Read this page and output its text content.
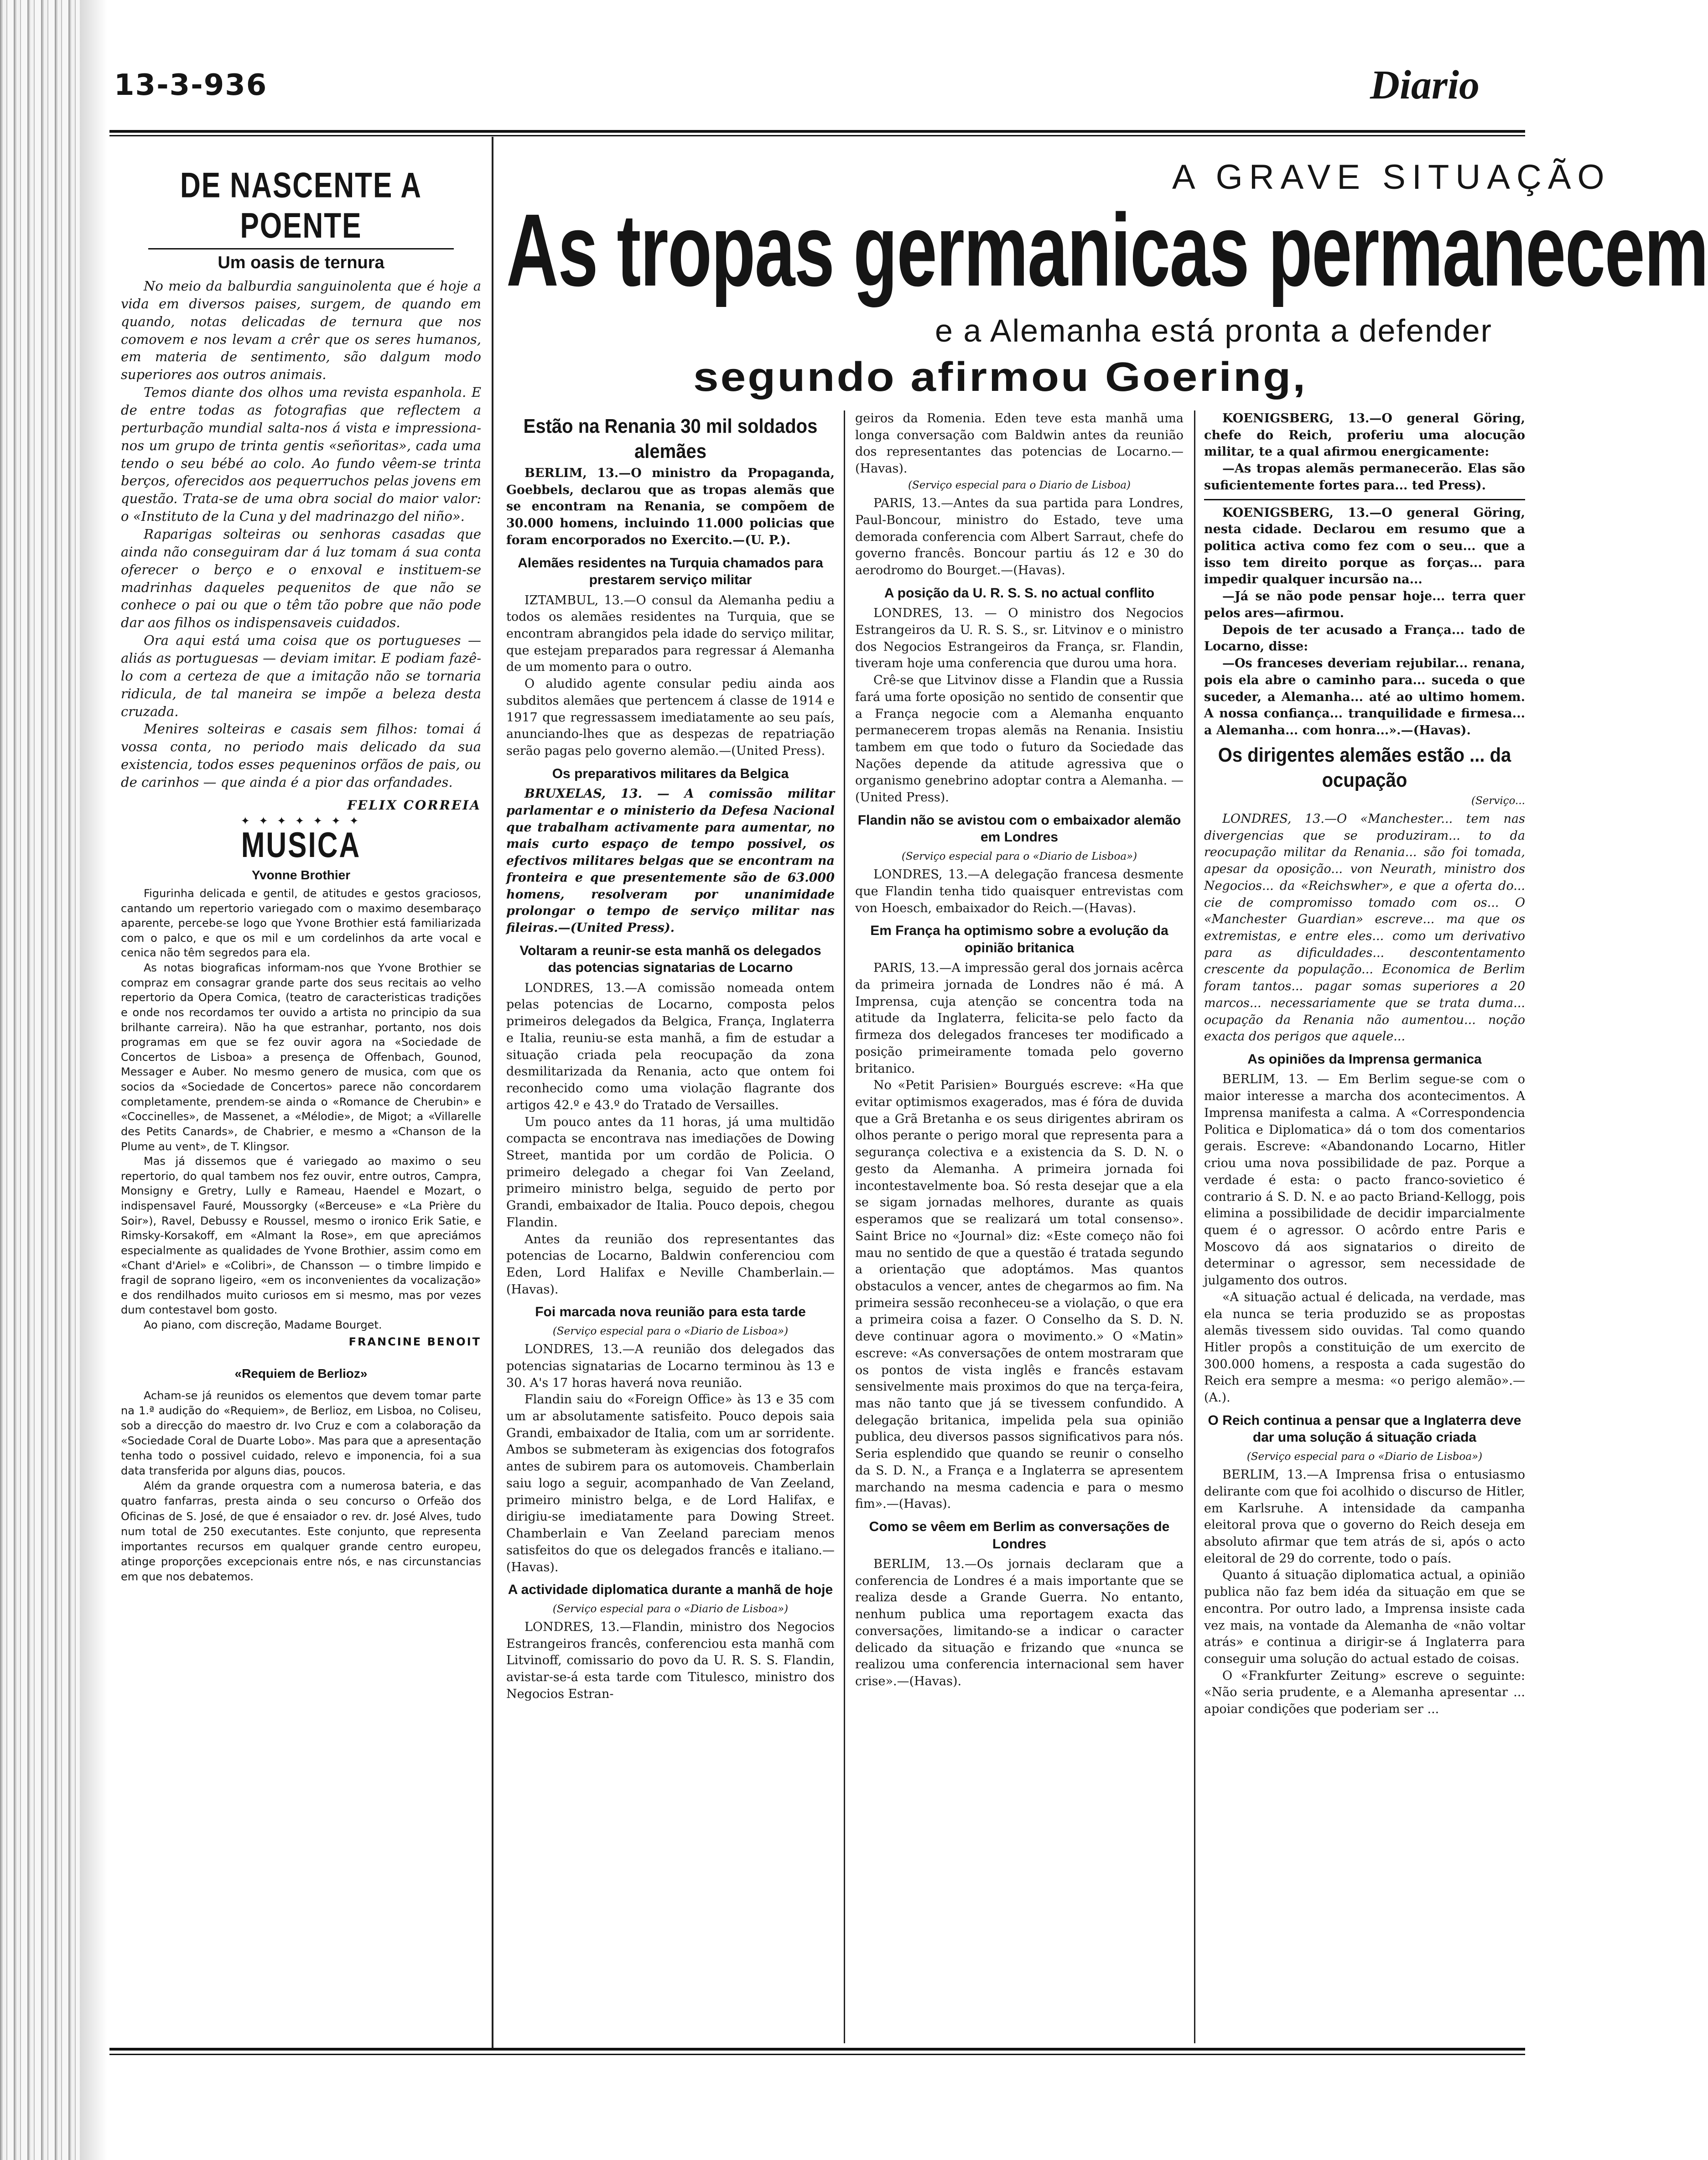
13-3-936	Diario
DE NASCENTE A POENTE
Um oasis de ternura

No meio da balburdia sanguinolenta que é hoje a vida em diversos paises, surgem, de quando em quando, notas delicadas de ternura que nos comovem e nos levam a crêr que os seres humanos, em materia de sentimento, são dalgum modo superiores aos outros animais.

Temos diante dos olhos uma revista espanhola. E de entre todas as fotografias que reflectem a perturbação mundial salta-nos á vista e impressiona-nos um grupo de trinta gentis «señoritas», cada uma tendo o seu bébé ao colo. Ao fundo vêem-se trinta berços, oferecidos aos pequerruchos pelas jovens em questão. Trata-se de uma obra social do maior valor: o «Instituto de la Cuna y del madrinazgo del niño».

Raparigas solteiras ou senhoras casadas que ainda não conseguiram dar á luz tomam á sua conta oferecer o berço e o enxoval e instituem-se madrinhas daqueles pequenitos de que não se conhece o pai ou que o têm tão pobre que não pode dar aos filhos os indispensaveis cuidados.

Ora aqui está uma coisa que os portugueses — aliás as portuguesas — deviam imitar. E podiam fazê-lo com a certeza de que a imitação não se tornaria ridicula, de tal maneira se impõe a beleza desta cruzada.

Menires solteiras e casais sem filhos: tomai á vossa conta, no periodo mais delicado da sua existencia, todos esses pequeninos orfãos de pais, ou de carinhos — que ainda é a pior das orfandades.

FELIX CORREIA
✦ ✦ ✦ ✦ ✦ ✦ ✦
MUSICA
Yvonne Brothier

Figurinha delicada e gentil, de atitudes e gestos graciosos, cantando um repertorio variegado com o maximo desembaraço aparente, percebe-se logo que Yvone Brothier está familiarizada com o palco, e que os mil e um cordelinhos da arte vocal e cenica não têm segredos para ela.

As notas biograficas informam-nos que Yvone Brothier se compraz em consagrar grande parte dos seus recitais ao velho repertorio da Opera Comica, (teatro de caracteristicas tradições e onde nos recordamos ter ouvido a artista no principio da sua brilhante carreira). Não ha que estranhar, portanto, nos dois programas em que se fez ouvir agora na «Sociedade de Concertos de Lisboa» a presença de Offenbach, Gounod, Messager e Auber. No mesmo genero de musica, com que os socios da «Sociedade de Concertos» parece não concordarem completamente, prendem-se ainda o «Romance de Cherubin» e «Coccinelles», de Massenet, a «Mélodie», de Migot; a «Villarelle des Petits Canards», de Chabrier, e mesmo a «Chanson de la Plume au vent», de T. Klingsor.

Mas já dissemos que é variegado ao maximo o seu repertorio, do qual tambem nos fez ouvir, entre outros, Campra, Monsigny e Gretry, Lully e Rameau, Haendel e Mozart, o indispensavel Fauré, Moussorgky («Berceuse» e «La Prière du Soir»), Ravel, Debussy e Roussel, mesmo o ironico Erik Satie, e Rimsky-Korsakoff, em «Almant la Rose», em que apreciámos especialmente as qualidades de Yvone Brothier, assim como em «Chant d'Ariel» e «Colibri», de Chansson — o timbre limpido e fragil de soprano ligeiro, «em os inconvenientes da vocalização» e dos rendilhados muito curiosos em si mesmo, mas por vezes dum contestavel bom gosto.

Ao piano, com discreção, Madame Bourget.

FRANCINE BENOIT
«Requiem de Berlioz»

Acham-se já reunidos os elementos que devem tomar parte na 1.ª audição do «Requiem», de Berlioz, em Lisboa, no Coliseu, sob a direcção do maestro dr. Ivo Cruz e com a colaboração da «Sociedade Coral de Duarte Lobo». Mas para que a apresentação tenha todo o possivel cuidado, relevo e imponencia, foi a sua data transferida por alguns dias, poucos.

Além da grande orquestra com a numerosa bateria, e das quatro fanfarras, presta ainda o seu concurso o Orfeão dos Oficinas de S. José, de que é ensaiador o rev. dr. José Alves, tudo num total de 250 executantes. Este conjunto, que representa importantes recursos em qualquer grande centro europeu, atinge proporções excepcionais entre nós, e nas circunstancias em que nos debatemos.

A GRAVE SITUAÇÃO
As tropas germanicas permanecem
e a Alemanha está pronta a defender
segundo afirmou Goering,
Estão na Renania 30 mil soldados alemães

BERLIM, 13.—O ministro da Propaganda, Goebbels, declarou que as tropas alemãs que se encontram na Renania, se compõem de 30.000 homens, incluindo 11.000 policias que foram encorporados no Exercito.—(U. P.).

Alemães residentes na Turquia chamados para prestarem serviço militar

IZTAMBUL, 13.—O consul da Alemanha pediu a todos os alemães residentes na Turquia, que se encontram abrangidos pela idade do serviço militar, que estejam preparados para regressar á Alemanha de um momento para o outro.

O aludido agente consular pediu ainda aos subditos alemães que pertencem á classe de 1914 e 1917 que regressassem imediatamente ao seu país, anunciando-lhes que as despezas de repatriação serão pagas pelo governo alemão.—(United Press).

Os preparativos militares da Belgica

BRUXELAS, 13. — A comissão militar parlamentar e o ministerio da Defesa Nacional que trabalham activamente para aumentar, no mais curto espaço de tempo possivel, os efectivos militares belgas que se encontram na fronteira e que presentemente são de 63.000 homens, resolveram por unanimidade prolongar o tempo de serviço militar nas fileiras.—(United Press).

Voltaram a reunir-se esta manhã os delegados das potencias signatarias de Locarno

LONDRES, 13.—A comissão nomeada ontem pelas potencias de Locarno, composta pelos primeiros delegados da Belgica, França, Inglaterra e Italia, reuniu-se esta manhã, a fim de estudar a situação criada pela reocupação da zona desmilitarizada da Renania, acto que ontem foi reconhecido como uma violação flagrante dos artigos 42.º e 43.º do Tratado de Versailles.

Um pouco antes da 11 horas, já uma multidão compacta se encontrava nas imediações de Dowing Street, mantida por um cordão de Policia. O primeiro delegado a chegar foi Van Zeeland, primeiro ministro belga, seguido de perto por Grandi, embaixador de Italia. Pouco depois, chegou Flandin.

Antes da reunião dos representantes das potencias de Locarno, Baldwin conferenciou com Eden, Lord Halifax e Neville Chamberlain.—(Havas).

Foi marcada nova reunião para esta tarde
(Serviço especial para o «Diario de Lisboa»)

LONDRES, 13.—A reunião dos delegados das potencias signatarias de Locarno terminou às 13 e 30. A's 17 horas haverá nova reunião.

Flandin saiu do «Foreign Office» às 13 e 35 com um ar absolutamente satisfeito. Pouco depois saia Grandi, embaixador de Italia, com um ar sorridente. Ambos se submeteram às exigencias dos fotografos antes de subirem para os automoveis. Chamberlain saiu logo a seguir, acompanhado de Van Zeeland, primeiro ministro belga, e de Lord Halifax, e dirigiu-se imediatamente para Dowing Street. Chamberlain e Van Zeeland pareciam menos satisfeitos do que os delegados francês e italiano.—(Havas).

A actividade diplomatica durante a manhã de hoje
(Serviço especial para o «Diario de Lisboa»)

LONDRES, 13.—Flandin, ministro dos Negocios Estrangeiros francês, conferenciou esta manhã com Litvinoff, comissario do povo da U. R. S. S. Flandin, avistar-se-á esta tarde com Titulesco, ministro dos Negocios Estran-

geiros da Romenia. Eden teve esta manhã uma longa conversação com Baldwin antes da reunião dos representantes das potencias de Locarno.—(Havas).

(Serviço especial para o Diario de Lisboa)

PARIS, 13.—Antes da sua partida para Londres, Paul-Boncour, ministro do Estado, teve uma demorada conferencia com Albert Sarraut, chefe do governo francês. Boncour partiu ás 12 e 30 do aerodromo do Bourget.—(Havas).

A posição da U. R. S. S. no actual conflito

LONDRES, 13. — O ministro dos Negocios Estrangeiros da U. R. S. S., sr. Litvinov e o ministro dos Negocios Estrangeiros da França, sr. Flandin, tiveram hoje uma conferencia que durou uma hora.

Crê-se que Litvinov disse a Flandin que a Russia fará uma forte oposição no sentido de consentir que a França negocie com a Alemanha enquanto permanecerem tropas alemãs na Renania. Insistiu tambem em que todo o futuro da Sociedade das Nações depende da atitude agressiva que o organismo genebrino adoptar contra a Alemanha. — (United Press).

Flandin não se avistou com o embaixador alemão em Londres
(Serviço especial para o «Diario de Lisboa»)

LONDRES, 13.—A delegação francesa desmente que Flandin tenha tido quaisquer entrevistas com von Hoesch, embaixador do Reich.—(Havas).

Em França ha optimismo sobre a evolução da opinião britanica

PARIS, 13.—A impressão geral dos jornais acêrca da primeira jornada de Londres não é má. A Imprensa, cuja atenção se concentra toda na atitude da Inglaterra, felicita-se pelo facto da firmeza dos delegados franceses ter modificado a posição primeiramente tomada pelo governo britanico.

No «Petit Parisien» Bourgués escreve: «Ha que evitar optimismos exagerados, mas é fóra de duvida que a Grã Bretanha e os seus dirigentes abriram os olhos perante o perigo moral que representa para a segurança colectiva e a existencia da S. D. N. o gesto da Alemanha. A primeira jornada foi incontestavelmente boa. Só resta desejar que a ela se sigam jornadas melhores, durante as quais esperamos que se realizará um total consenso». Saint Brice no «Journal» diz: «Este começo não foi mau no sentido de que a questão é tratada segundo a orientação que adoptámos. Mas quantos obstaculos a vencer, antes de chegarmos ao fim. Na primeira sessão reconheceu-se a violação, o que era a primeira coisa a fazer. O Conselho da S. D. N. deve continuar agora o movimento.» O «Matin» escreve: «As conversações de ontem mostraram que os pontos de vista inglês e francês estavam sensivelmente mais proximos do que na terça-feira, mas não tanto que já se tivessem confundido. A delegação britanica, impelida pela sua opinião publica, deu diversos passos significativos para nós. Seria esplendido que quando se reunir o conselho da S. D. N., a França e a Inglaterra se apresentem marchando na mesma cadencia e para o mesmo fim».—(Havas).

Como se vêem em Berlim as conversações de Londres

BERLIM, 13.—Os jornais declaram que a conferencia de Londres é a mais importante que se realiza desde a Grande Guerra. No entanto, nenhum publica uma reportagem exacta das conversações, limitando-se a indicar o caracter delicado da situação e frizando que «nunca se realizou uma conferencia internacional sem haver crise».—(Havas).

KOENIGSBERG, 13.—O general Göring, chefe do Reich, proferiu uma alocução militar, te a qual afirmou energicamente:

—As tropas alemãs permanecerão. Elas são suficientemente fortes para... ted Press).

KOENIGSBERG, 13.—O general Göring, nesta cidade. Declarou em resumo que a politica activa como fez com o seu... que a isso tem direito porque as forças... para impedir qualquer incursão na...

—Já se não pode pensar hoje... terra quer pelos ares—afirmou.

Depois de ter acusado a França... tado de Locarno, disse:

—Os franceses deveriam rejubilar... renana, pois ela abre o caminho para... suceda o que suceder, a Alemanha... até ao ultimo homem. A nossa confiança... tranquilidade e firmesa... a Alemanha... com honra...».—(Havas).

Os dirigentes alemães estão ... da ocupação
(Serviço...

LONDRES, 13.—O «Manchester... tem nas divergencias que se produziram... to da reocupação militar da Renania... são foi tomada, apesar da oposição... von Neurath, ministro dos Negocios... da «Reichswher», e que a oferta do... cie de compromisso tomado com os... O «Manchester Guardian» escreve... ma que os extremistas, e entre eles... como um derivativo para as dificuldades... descontentamento crescente da população... Economica de Berlim foram tantos... pagar somas superiores a 20 marcos... necessariamente que se trata duma... ocupação da Renania não aumentou... noção exacta dos perigos que aquele...

As opiniões da Imprensa germanica

BERLIM, 13. — Em Berlim segue-se com o maior interesse a marcha dos acontecimentos. A Imprensa manifesta a calma. A «Correspondencia Politica e Diplomatica» dá o tom dos comentarios gerais. Escreve: «Abandonando Locarno, Hitler criou uma nova possibilidade de paz. Porque a verdade é esta: o pacto franco-sovietico é contrario á S. D. N. e ao pacto Briand-Kellogg, pois elimina a possibilidade de decidir imparcialmente quem é o agressor. O acôrdo entre Paris e Moscovo dá aos signatarios o direito de determinar o agressor, sem necessidade de julgamento dos outros.

«A situação actual é delicada, na verdade, mas ela nunca se teria produzido se as propostas alemãs tivessem sido ouvidas. Tal como quando Hitler propôs a constituição de um exercito de 300.000 homens, a resposta a cada sugestão do Reich era sempre a mesma: «o perigo alemão».—(A.).

O Reich continua a pensar que a Inglaterra deve dar uma solução á situação criada
(Serviço especial para o «Diario de Lisboa»)

BERLIM, 13.—A Imprensa frisa o entusiasmo delirante com que foi acolhido o discurso de Hitler, em Karlsruhe. A intensidade da campanha eleitoral prova que o governo do Reich deseja em absoluto afirmar que tem atrás de si, após o acto eleitoral de 29 do corrente, todo o país.

Quanto á situação diplomatica actual, a opinião publica não faz bem idéa da situação em que se encontra. Por outro lado, a Imprensa insiste cada vez mais, na vontade da Alemanha de «não voltar atrás» e continua a dirigir-se á Inglaterra para conseguir uma solução do actual estado de coisas.

O «Frankfurter Zeitung» escreve o seguinte: «Não seria prudente, e a Alemanha apresentar ... apoiar condições que poderiam ser ...
